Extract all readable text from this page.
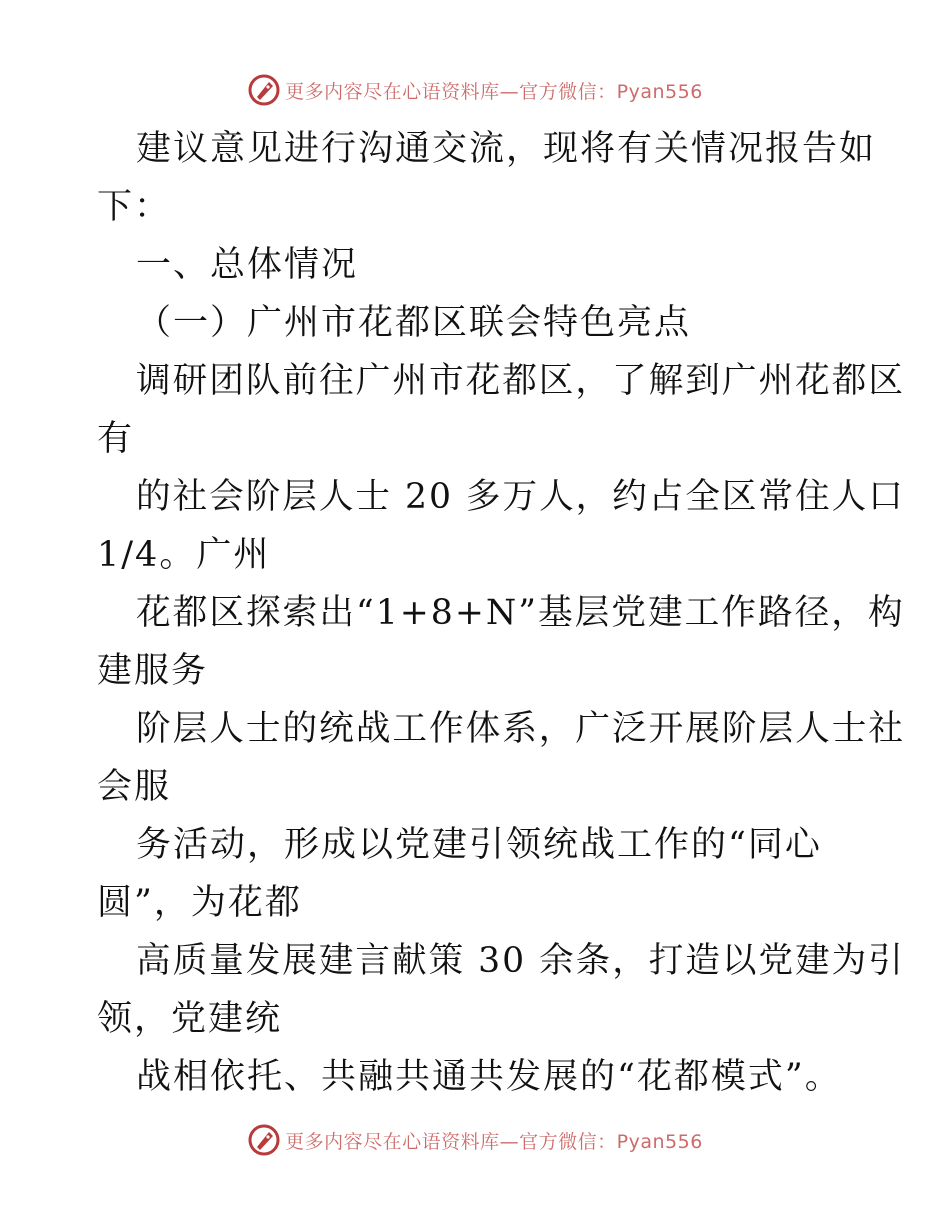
更多内容尽在心语资料库—官方微信：Pyan556
建议意见进行沟通交流，现将有关情况报告如
下：
一、总体情况
（一）广州市花都区联会特色亮点
调研团队前往广州市花都区，了解到广州花都区
有
的社会阶层人士 20 多万人，约占全区常住人口
1/4。广州
花都区探索出“1+8+N”基层党建工作路径，构
建服务
阶层人士的统战工作体系，广泛开展阶层人士社
会服
务活动，形成以党建引领统战工作的“同心
圆”，为花都
高质量发展建言献策 30 余条，打造以党建为引
领，党建统
战相依托、共融共通共发展的“花都模式”。
更多内容尽在心语资料库—官方微信：Pyan556
